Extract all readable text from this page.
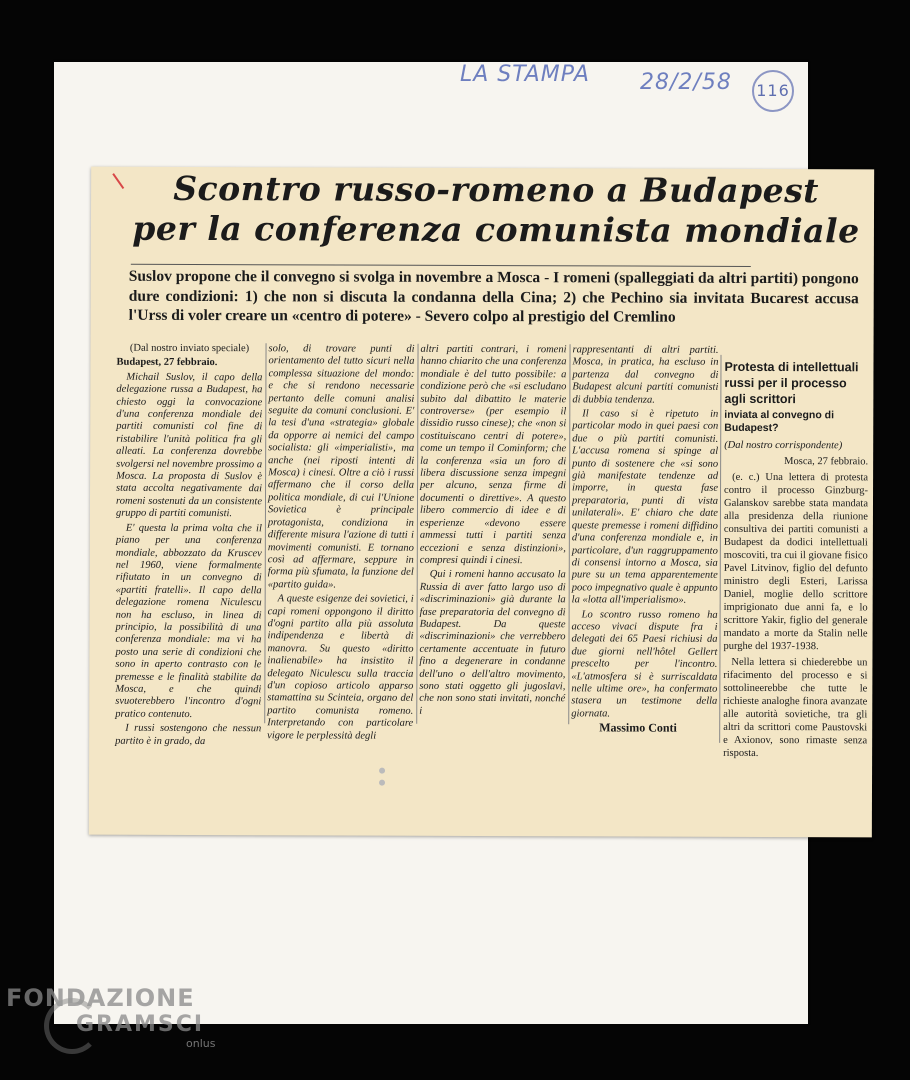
LA STAMPA 28/2/58 116
Scontro russo-romeno a Budapest
per la conferenza comunista mondiale
Suslov propone che il convegno si svolga in novembre a Mosca - I romeni (spalleggiati da altri partiti) pongono dure condizioni: 1) che non si discuta la condanna della Cina; 2) che Pechino sia invitata Bucarest accusa l'Urss di voler creare un «centro di potere» - Severo colpo al prestigio del Cremlino

(Dal nostro inviato speciale)

Budapest, 27 febbraio.

Michail Suslov, il capo della delegazione russa a Budapest, ha chiesto oggi la convocazione d'una conferenza mondiale dei partiti comunisti col fine di ristabilire l'unità politica fra gli alleati. La conferenza dovrebbe svolgersi nel novembre prossimo a Mosca. La proposta di Suslov è stata accolta negativamente dai romeni sostenuti da un consistente gruppo di partiti comunisti.

E' questa la prima volta che il piano per una conferenza mondiale, abbozzato da Kruscev nel 1960, viene formalmente rifiutato in un convegno di «partiti fratelli». Il capo della delegazione romena Niculescu non ha escluso, in linea di principio, la possibilità di una conferenza mondiale: ma vi ha posto una serie di condizioni che sono in aperto contrasto con le premesse e le finalità stabilite da Mosca, e che quindi svuoterebbero l'incontro d'ogni pratico contenuto.

I russi sostengono che nessun partito è in grado, da

solo, di trovare punti di orientamento del tutto sicuri nella complessa situazione del mondo: e che si rendono necessarie pertanto delle comuni analisi seguite da comuni conclusioni. E' la tesi d'una «strategia» globale da opporre ai nemici del campo socialista: gli «imperialisti», ma anche (nei riposti intenti di Mosca) i cinesi. Oltre a ciò i russi affermano che il corso della politica mondiale, di cui l'Unione Sovietica è principale protagonista, condiziona in differente misura l'azione di tutti i movimenti comunisti. E tornano così ad affermare, seppure in forma più sfumata, la funzione del «partito guida».

A queste esigenze dei sovietici, i capi romeni oppongono il diritto d'ogni partito alla più assoluta indipendenza e libertà di manovra. Su questo «diritto inalienabile» ha insistito il delegato Niculescu sulla traccia d'un copioso articolo apparso stamattina su Scinteia, organo del partito comunista romeno. Interpretando con particolare vigore le perplessità degli

altri partiti contrari, i romeni hanno chiarito che una conferenza mondiale è del tutto possibile: a condizione però che «si escludano subito dal dibattito le materie controverse» (per esempio il dissidio russo cinese); che «non si costituiscano centri di potere», come un tempo il Cominform; che la conferenza «sia un foro di libera discussione senza impegni per alcuno, senza firme di documenti o direttive». A questo libero commercio di idee e di esperienze «devono essere ammessi tutti i partiti senza eccezioni e senza distinzioni», compresi quindi i cinesi.

Qui i romeni hanno accusato la Russia di aver fatto largo uso di «discriminazioni» già durante la fase preparatoria del convegno di Budapest. Da queste «discriminazioni» che verrebbero certamente accentuate in futuro fino a degenerare in condanne dell'uno o dell'altro movimento, sono stati oggetto gli jugoslavi, che non sono stati invitati, nonché i

rappresentanti di altri partiti. Mosca, in pratica, ha escluso in partenza dal convegno di Budapest alcuni partiti comunisti di dubbia tendenza.

Il caso si è ripetuto in particolar modo in quei paesi con due o più partiti comunisti. L'accusa romena si spinge al punto di sostenere che «si sono già manifestate tendenze ad imporre, in questa fase preparatoria, punti di vista unilaterali». E' chiaro che date queste premesse i romeni diffidino d'una conferenza mondiale e, in particolare, d'un raggruppamento di consensi intorno a Mosca, sia pure su un tema apparentemente poco impegnativo quale è appunto la «lotta all'imperialismo».

Lo scontro russo romeno ha acceso vivaci dispute fra i delegati dei 65 Paesi richiusi da due giorni nell'hôtel Gellert prescelto per l'incontro. «L'atmosfera si è surriscaldata nelle ultime ore», ha confermato stasera un testimone della giornata.

Massimo Conti
Protesta di intellettuali russi per il processo agli scrittori
inviata al convegno di Budapest?

(Dal nostro corrispondente)

Mosca, 27 febbraio.

(e. c.) Una lettera di protesta contro il processo Ginzburg-Galanskov sarebbe stata mandata alla presidenza della riunione consultiva dei partiti comunisti a Budapest da dodici intellettuali moscoviti, tra cui il giovane fisico Pavel Litvinov, figlio del defunto ministro degli Esteri, Larissa Daniel, moglie dello scrittore imprigionato due anni fa, e lo scrittore Yakir, figlio del generale mandato a morte da Stalin nelle purghe del 1937-1938.

Nella lettera si chiederebbe un rifacimento del processo e si sottolineerebbe che tutte le richieste analoghe finora avanzate alle autorità sovietiche, tra gli altri da scrittori come Paustovski e Axionov, sono rimaste senza risposta.

FONDAZIONE
GRAMSCI
onlus
